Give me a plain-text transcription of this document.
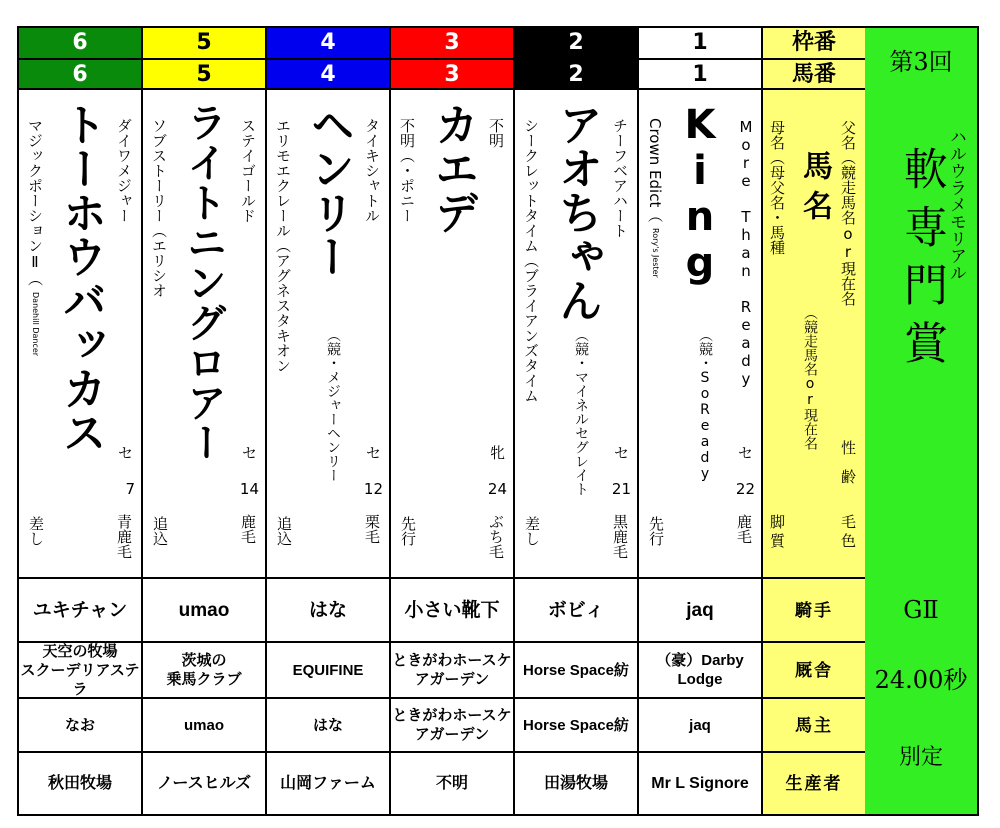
6
6
ダイワメジャー
マジックポーションⅡ（Danehill Dancer トーホウバッカス セ
7
青鹿毛
差し
ユキチャン
天空の牧場
スクーデリアステラ
なお
秋田牧場
5
5
ステイゴールド
ソブストーリー（エリシオ ライトニングロアー	セ
14
鹿毛
追込
umao
茨城の
乗馬クラブ
umao
ノースヒルズ
4
4
タイキシャトル
エリモエクレール（アグネスタキオン ヘンリー
（競・メジャーヘンリー セ
12
栗毛
追込
はな
EQUIFINE
はな
山岡ファーム
3
3
不明
不明（・ポニー カエデ
牝
24
ぶち毛
先行
小さい靴下
ときがわホースケ
アガーデン
ときがわホースケ
アガーデン
不明
2
2
チーフベアハート
シークレットタイム（ブライアンズタイム アオちゃん
（競・マイネルセグレイト セ
21
黒鹿毛
差し
ボビィ
Horse Space紡
Horse Space紡
田湯牧場
1
1
More Than Ready
Crown Edict（Rory's Jester King
（競・SoReady セ
22
鹿毛
先行
jaq
（豪）Darby
Lodge
jaq
Mr L Signore
枠番
馬番
父名（競走馬名or現在名
母名（母父名・馬種 馬名
（競走馬名or現在名
性齢
毛色
脚質
騎手
厩舎
馬主
生産者
第3回
ハルウラメモリアル
軟専門賞
GⅡ
24.00秒
別定
